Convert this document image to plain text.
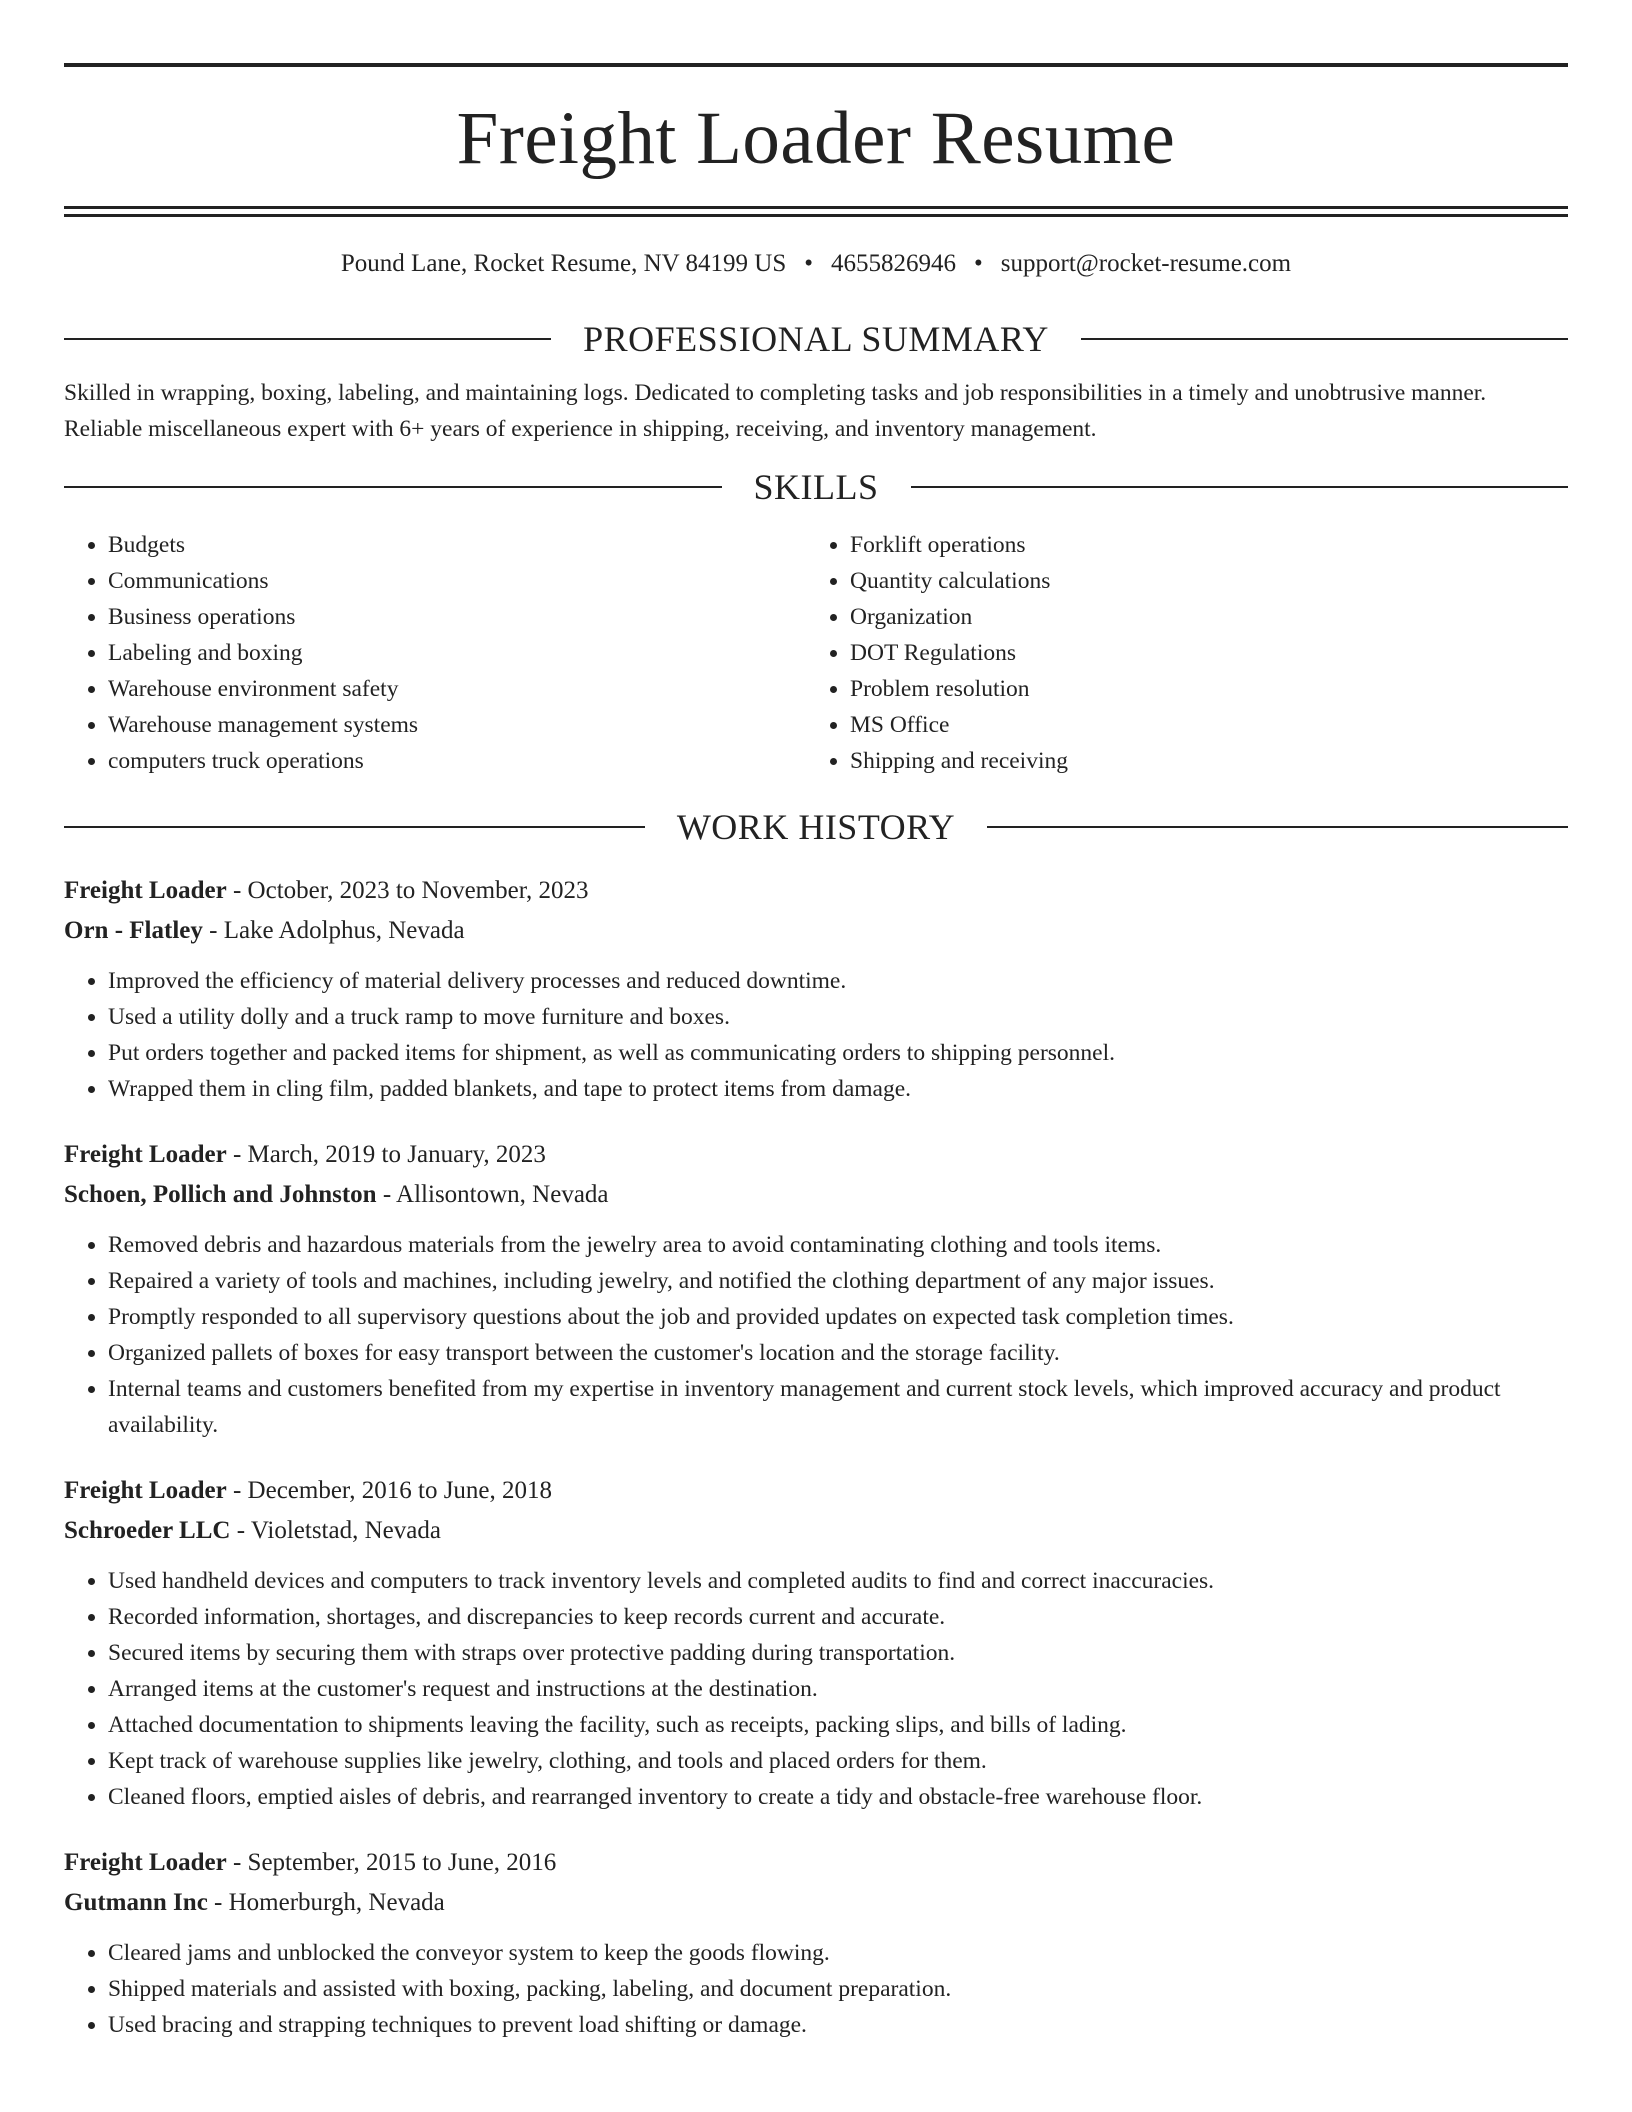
Freight Loader Resume
Pound Lane, Rocket Resume, NV 84199 US • 4655826946 • support@rocket-resume.com
PROFESSIONAL SUMMARY
Skilled in wrapping, boxing, labeling, and maintaining logs. Dedicated to completing tasks and job responsibilities in a timely and unobtrusive manner. Reliable miscellaneous expert with 6+ years of experience in shipping, receiving, and inventory management.
SKILLS
• Budgets
• Communications
• Business operations
• Labeling and boxing
• Warehouse environment safety
• Warehouse management systems
• computers truck operations
• Forklift operations
• Quantity calculations
• Organization
• DOT Regulations
• Problem resolution
• MS Office
• Shipping and receiving
WORK HISTORY
Freight Loader - October, 2023 to November, 2023
Orn - Flatley - Lake Adolphus, Nevada
• Improved the efficiency of material delivery processes and reduced downtime.
• Used a utility dolly and a truck ramp to move furniture and boxes.
• Put orders together and packed items for shipment, as well as communicating orders to shipping personnel.
• Wrapped them in cling film, padded blankets, and tape to protect items from damage.
Freight Loader - March, 2019 to January, 2023
Schoen, Pollich and Johnston - Allisontown, Nevada
• Removed debris and hazardous materials from the jewelry area to avoid contaminating clothing and tools items.
• Repaired a variety of tools and machines, including jewelry, and notified the clothing department of any major issues.
• Promptly responded to all supervisory questions about the job and provided updates on expected task completion times.
• Organized pallets of boxes for easy transport between the customer's location and the storage facility.
• Internal teams and customers benefited from my expertise in inventory management and current stock levels, which improved accuracy and product availability.
Freight Loader - December, 2016 to June, 2018
Schroeder LLC - Violetstad, Nevada
• Used handheld devices and computers to track inventory levels and completed audits to find and correct inaccuracies.
• Recorded information, shortages, and discrepancies to keep records current and accurate.
• Secured items by securing them with straps over protective padding during transportation.
• Arranged items at the customer's request and instructions at the destination.
• Attached documentation to shipments leaving the facility, such as receipts, packing slips, and bills of lading.
• Kept track of warehouse supplies like jewelry, clothing, and tools and placed orders for them.
• Cleaned floors, emptied aisles of debris, and rearranged inventory to create a tidy and obstacle-free warehouse floor.
Freight Loader - September, 2015 to June, 2016
Gutmann Inc - Homerburgh, Nevada
• Cleared jams and unblocked the conveyor system to keep the goods flowing.
• Shipped materials and assisted with boxing, packing, labeling, and document preparation.
• Used bracing and strapping techniques to prevent load shifting or damage.
